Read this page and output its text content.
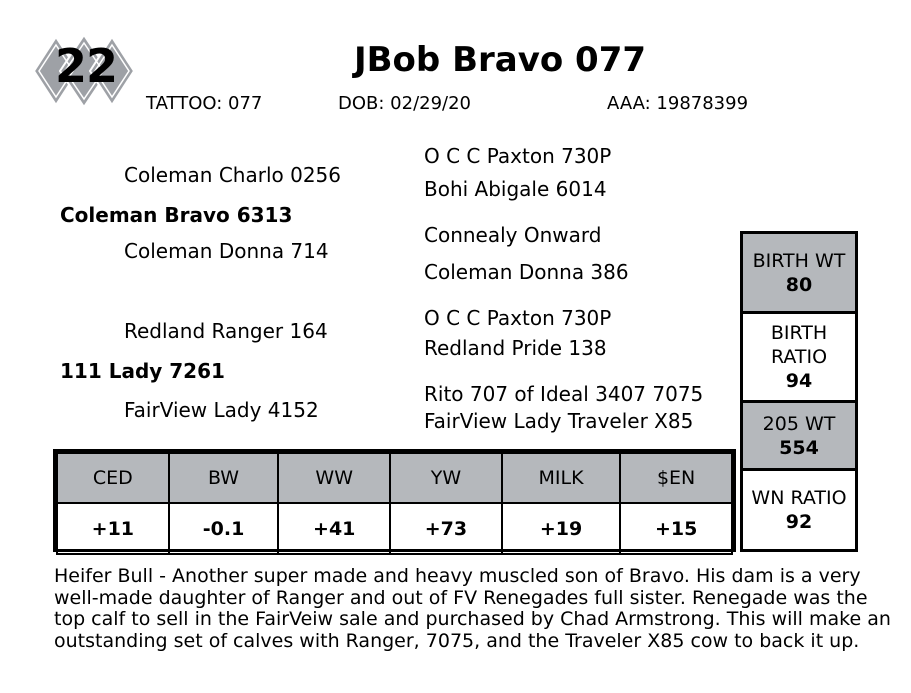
22	JBob Bravo 077
TATTOO: 077	DOB: 02/29/20	AAA: 19878399
Coleman Charlo 0256
Coleman Bravo 6313
Coleman Donna 714
Redland Ranger 164
111 Lady 7261
FairView Lady 4152
O C C Paxton 730P
Bohi Abigale 6014
Connealy Onward
Coleman Donna 386
O C C Paxton 730P
Redland Pride 138
Rito 707 of Ideal 3407 7075
FairView Lady Traveler X85
CED	BW	WW	YW	MILK	$EN
+11	-0.1	+41	+73	+19	+15
BIRTH WT
80
BIRTH
RATIO
94
205 WT
554
WN RATIO
92
Heifer Bull - Another super made and heavy muscled son of Bravo. His dam is a very well-made daughter of Ranger and out of FV Renegades full sister. Renegade was the top calf to sell in the FairVeiw sale and purchased by Chad Armstrong. This will make an outstanding set of calves with Ranger, 7075, and the Traveler X85 cow to back it up.
